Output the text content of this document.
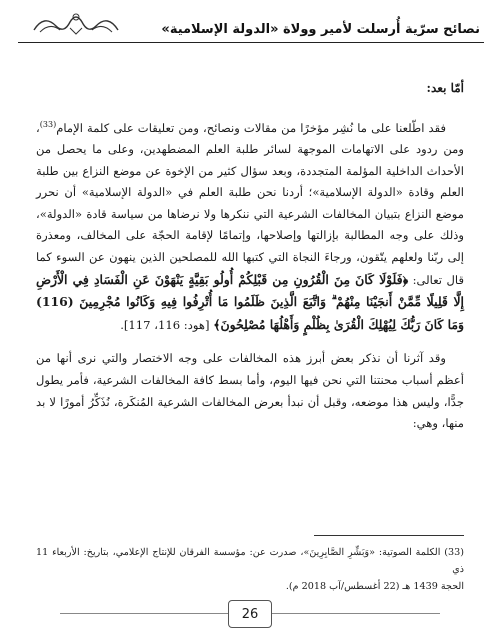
نصائح سرّية أُرسلت لأمير وولاة «الدولة الإسلامية»

أمّا بعد:

فقد اطّلعنا على ما نُشِر مؤخرًا من مقالات ونصائح، ومن تعليقات على كلمة الإمام$^{(33)}$، ومن ردود على الاتهامات الموجهة لسائر طلبة العلم المضطهدين، وعلى ما يحصل من الأحداث الداخلية المؤلمة المتجددة، وبعد سؤال كثير من الإخوة عن موضع النزاع بين طلبة العلم وقادة «الدولة الإسلامية»؛ أردنا نحن طلبة العلم في «الدولة الإسلامية» أن نحرر موضع النزاع بتبيان المخالفات الشرعية التي ننكرها ولا نرضاها من سياسة قادة «الدولة»، وذلك على وجه المطالبة بإزالتها وإصلاحها، وإتمامًا لإقامة الحجّة على المخالف، ومعذرة إلى ربّنا ولعلهم يتّقون، ورجاءَ النجاة التي كتبها الله للمصلحين الذين ينهون عن السوء كما قال تعالى: ﴿فَلَوْلَا كَانَ مِنَ الْقُرُونِ مِن قَبْلِكُمْ أُولُو بَقِيَّةٍ يَنْهَوْنَ عَنِ الْفَسَادِ فِي الْأَرْضِ إِلَّا قَلِيلًا مِّمَّنْ أَنجَيْنَا مِنْهُمْ ۗ وَاتَّبَعَ الَّذِينَ ظَلَمُوا مَا أُتْرِفُوا فِيهِ وَكَانُوا مُجْرِمِينَ (116) وَمَا كَانَ رَبُّكَ لِيُهْلِكَ الْقُرَىٰ بِظُلْمٍ وَأَهْلُهَا مُصْلِحُونَ﴾ [هود: 116، 117].

وقد آثرنا أن نذكر بعض أبرز هذه المخالفات على وجه الاختصار والتي نرى أنها من أعظم أسباب محنتنا التي نحن فيها اليوم، وأما بسط كافة المخالفات الشرعية، فأمر يطول جدًّا، وليس هذا موضعه، وقبل أن نبدأ بعرض المخالفات الشرعية المُنكَرة، نُذَكِّرُ أمورًا لا بد منها، وهي:

(33) الكلمة الصوتية: «وَبَشِّرِ الصَّابِرِينَ»، صدرت عن: مؤسسة الفرقان للإنتاج الإعلامي، بتاريخ: الأربعاء 11 ذي

الحجة 1439 هـ (22 أغسطس/آب 2018 م).

26
